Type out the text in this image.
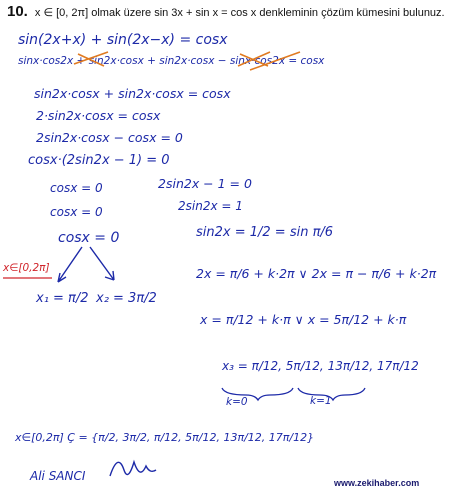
10. x ∈ [0, 2π] olmak üzere sin 3x + sin x = cos x denkleminin çözüm kümesini bulunuz.
sin(2x+x) + sin(2x−x) = cosx
sinx·cos2x + sin2x·cosx + sin2x·cosx − sinx·cos2x = cosx
sin2x·cosx + sin2x·cosx = cosx
2·sin2x·cosx = cosx
2sin2x·cosx − cosx = 0
cosx·(2sin2x − 1) = 0
cosx = 0
cosx = 0
cosx = 0
2sin2x − 1 = 0
2sin2x = 1
sin2x = 1/2 = sin π/6
x∈[0,2π]
x₁ = π/2 x₂ = 3π/2
2x = π/6 + k·2π ∨ 2x = π − π/6 + k·2π
x = π/12 + k·π ∨ x = 5π/12 + k·π
x₃ = π/12, 5π/12, 13π/12, 17π/12
k=0	k=1
x∈[0,2π] Ç = {π/2, 3π/2, π/12, 5π/12, 13π/12, 17π/12}
Ali SANCI	www.zekihaber.com
